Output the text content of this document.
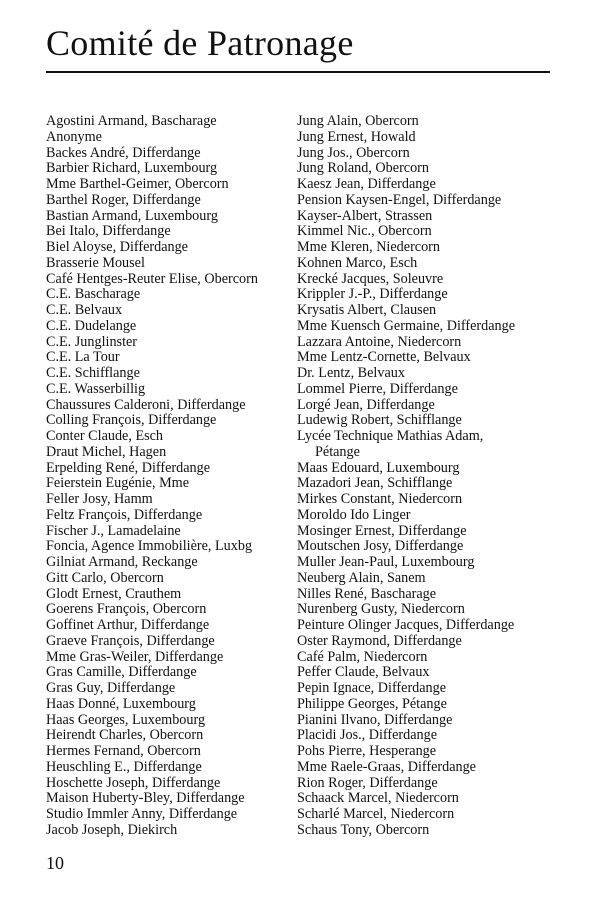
Comité de Patronage
Agostini Armand, Bascharage
Anonyme
Backes André, Differdange
Barbier Richard, Luxembourg
Mme Barthel-Geimer, Obercorn
Barthel Roger, Differdange
Bastian Armand, Luxembourg
Bei Italo, Differdange
Biel Aloyse, Differdange
Brasserie Mousel
Café Hentges-Reuter Elise, Obercorn
C.E. Bascharage
C.E. Belvaux
C.E. Dudelange
C.E. Junglinster
C.E. La Tour
C.E. Schifflange
C.E. Wasserbillig
Chaussures Calderoni, Differdange
Colling François, Differdange
Conter Claude, Esch
Draut Michel, Hagen
Erpelding René, Differdange
Feierstein Eugénie, Mme
Feller Josy, Hamm
Feltz François, Differdange
Fischer J., Lamadelaine
Foncia, Agence Immobilière, Luxbg
Gilniat Armand, Reckange
Gitt Carlo, Obercorn
Glodt Ernest, Crauthem
Goerens François, Obercorn
Goffinet Arthur, Differdange
Graeve François, Differdange
Mme Gras-Weiler, Differdange
Gras Camille, Differdange
Gras Guy, Differdange
Haas Donné, Luxembourg
Haas Georges, Luxembourg
Heirendt Charles, Obercorn
Hermes Fernand, Obercorn
Heuschling E., Differdange
Hoschette Joseph, Differdange
Maison Huberty-Bley, Differdange
Studio Immler Anny, Differdange
Jacob Joseph, Diekirch
Jung Alain, Obercorn
Jung Ernest, Howald
Jung Jos., Obercorn
Jung Roland, Obercorn
Kaesz Jean, Differdange
Pension Kaysen-Engel, Differdange
Kayser-Albert, Strassen
Kimmel Nic., Obercorn
Mme Kleren, Niedercorn
Kohnen Marco, Esch
Krecké Jacques, Soleuvre
Krippler J.-P., Differdange
Krysatis Albert, Clausen
Mme Kuensch Germaine, Differdange
Lazzara Antoine, Niedercorn
Mme Lentz-Cornette, Belvaux
Dr. Lentz, Belvaux
Lommel Pierre, Differdange
Lorgé Jean, Differdange
Ludewig Robert, Schifflange
Lycée Technique Mathias Adam,
Pétange
Maas Edouard, Luxembourg
Mazadori Jean, Schifflange
Mirkes Constant, Niedercorn
Moroldo Ido Linger
Mosinger Ernest, Differdange
Moutschen Josy, Differdange
Muller Jean-Paul, Luxembourg
Neuberg Alain, Sanem
Nilles René, Bascharage
Nurenberg Gusty, Niedercorn
Peinture Olinger Jacques, Differdange
Oster Raymond, Differdange
Café Palm, Niedercorn
Peffer Claude, Belvaux
Pepin Ignace, Differdange
Philippe Georges, Pétange
Pianini Ilvano, Differdange
Placidi Jos., Differdange
Pohs Pierre, Hesperange
Mme Raele-Graas, Differdange
Rion Roger, Differdange
Schaack Marcel, Niedercorn
Scharlé Marcel, Niedercorn
Schaus Tony, Obercorn
10
